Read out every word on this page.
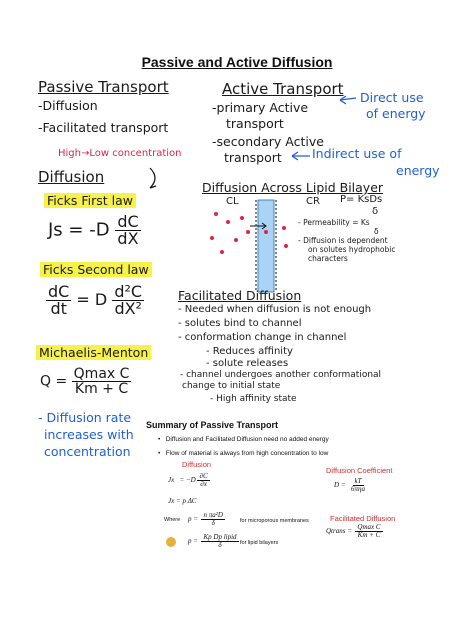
Passive and Active Diffusion
Passive Transport
-Diffusion
-Facilitated transport
High→Low concentration
Active Transport
-primary Active
transport
Direct use
of energy
-secondary Active
transport Indirect use of
energy
Diffusion
Ficks First law
$Js = -D \frac{dC}{dX}$
Ficks Second law
$\frac{dC}{dt} = D \frac{\text{d²C}}{\text{dX²}}$
Michaelis-Menton
Q = Qmax C
Km + C
- Diffusion rate
increases with
concentration
Diffusion Across Lipid Bilayer
CL	CR P= KsDs
δ
- Permeability = Ks
δ
- Diffusion is dependent
on solutes hydrophobic
characters
Facilitated Diffusion
- Needed when diffusion is not enough
- solutes bind to channel
- conformation change in channel
- Reduces affinity
- solute releases
- channel undergoes another conformational
change to initial state
- High affinity state
Summary of Passive Transport
•   Diffusion and Facilitated Diffusion need no added energy
•   Flow of material is always from high concentration to low
Diffusion
Diffusion Coefficient
Facilitated Diffusion
$Jx = -D \frac{\partial C}{\partial x}$
Jx = p ΔC
Where $p = \frac{\text{n πa²D}}{\delta}$	for microporous membranes
p =
Kp Dp lipid
δ	for lipid bilayers
D =
kT
6πηa
Qtrans =
Qmax C
Km + C
